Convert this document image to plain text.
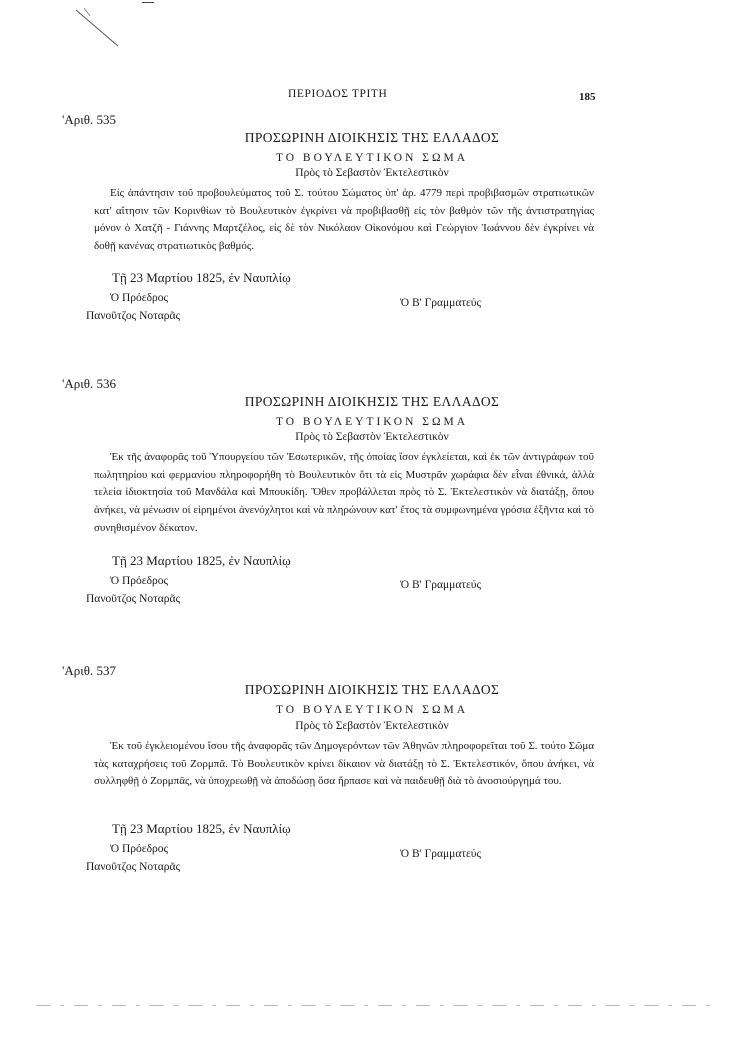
ΠΕΡΙΟΔΟΣ ΤΡΙΤΗ	185
'Αριθ. 535
ΠΡΟΣΩΡΙΝΗ ΔΙΟΙΚΗΣΙΣ ΤΗΣ ΕΛΛΑΔΟΣ
ΤΟ ΒΟΥΛΕΥΤΙΚΟΝ ΣΩΜΑ
Πρὸς τὸ Σεβαστὸν Ἐκτελεστικὸν

Εἰς ἀπάντησιν τοῦ προβουλεύματος τοῦ Σ. τούτου Σώματος ὑπ' ἀρ. 4779 περὶ προβιβασμῶν στρατιωτικῶν κατ' αἴτησιν τῶν Κορινθίων τὸ Βουλευτικὸν ἐγκρίνει νὰ προβιβασθῇ εἰς τὸν βαθμὸν τῶν τῆς ἀντιστρατηγίας μόνον ὁ Χατζῆ - Γιάννης Μαρτζέλος, εἰς δὲ τὸν Νικόλαον Οἰκονόμου καὶ Γεώργιον Ἰωάννου δὲν ἐγκρίνει νὰ δοθῇ κανένας στρατιωτικὸς βαθμός.

Τῇ 23 Μαρτίου 1825, ἐν Ναυπλίῳ
Ὁ Πρόεδρος
Πανοῦτζος Νοταρᾶς
Ὁ Β' Γραμματεύς
'Αριθ. 536
ΠΡΟΣΩΡΙΝΗ ΔΙΟΙΚΗΣΙΣ ΤΗΣ ΕΛΛΑΔΟΣ
ΤΟ ΒΟΥΛΕΥΤΙΚΟΝ ΣΩΜΑ
Πρὸς τὸ Σεβαστὸν Ἐκτελεστικὸν

Ἐκ τῆς ἀναφορᾶς τοῦ Ὑπουργείου τῶν Ἐσωτερικῶν, τῆς ὁποίας ἴσον ἐγκλείεται, καὶ ἐκ τῶν ἀντιγράφων τοῦ πωλητηρίου καὶ φερμανίου πληροφορήθη τὸ Βουλευτικὸν ὅτι τὰ εἰς Μυστρᾶν χωράφια δὲν εἶναι ἐθνικά, ἀλλὰ τελεία ἰδιοκτησία τοῦ Μανδάλα καὶ Μπουκίδη. Ὅθεν προβάλλεται πρὸς τὸ Σ. Ἐκτελεστικὸν νὰ διατάξῃ, ὅπου ἀνήκει, νὰ μένωσιν οἱ εἰρημένοι ἀνενόχλητοι καὶ νὰ πληρώνουν κατ' ἔτος τὰ συμφωνημένα γρόσια ἑξῆντα καὶ τὸ συνηθισμένον δέκατον.

Τῇ 23 Μαρτίου 1825, ἐν Ναυπλίῳ
Ὁ Πρόεδρος
Πανοῦτζος Νοταρᾶς
Ὁ Β' Γραμματεύς
'Αριθ. 537
ΠΡΟΣΩΡΙΝΗ ΔΙΟΙΚΗΣΙΣ ΤΗΣ ΕΛΛΑΔΟΣ
ΤΟ ΒΟΥΛΕΥΤΙΚΟΝ ΣΩΜΑ
Πρὸς τὸ Σεβαστὸν Ἐκτελεστικὸν

Ἐκ τοῦ ἐγκλειομένου ἴσου τῆς ἀναφορᾶς τῶν Δημογερόντων τῶν Ἀθηνῶν πληροφορεῖται τοῦ Σ. τούτο Σῶμα τὰς καταχρήσεις τοῦ Ζορμπᾶ. Τὸ Βουλευτικὸν κρίνει δίκαιον νὰ διατάξῃ τὸ Σ. Ἐκτελεστικόν, ὅπου ἀνήκει, νὰ συλληφθῇ ὁ Ζορμπᾶς, νὰ ὑποχρεωθῇ νὰ ἀποδώσῃ ὅσα ἥρπασε καὶ νὰ παιδευθῇ διὰ τὸ ἀνοσιούργημά του.

Τῇ 23 Μαρτίου 1825, ἐν Ναυπλίῳ
Ὁ Πρόεδρος
Πανοῦτζος Νοταρᾶς
Ὁ Β' Γραμματεύς
